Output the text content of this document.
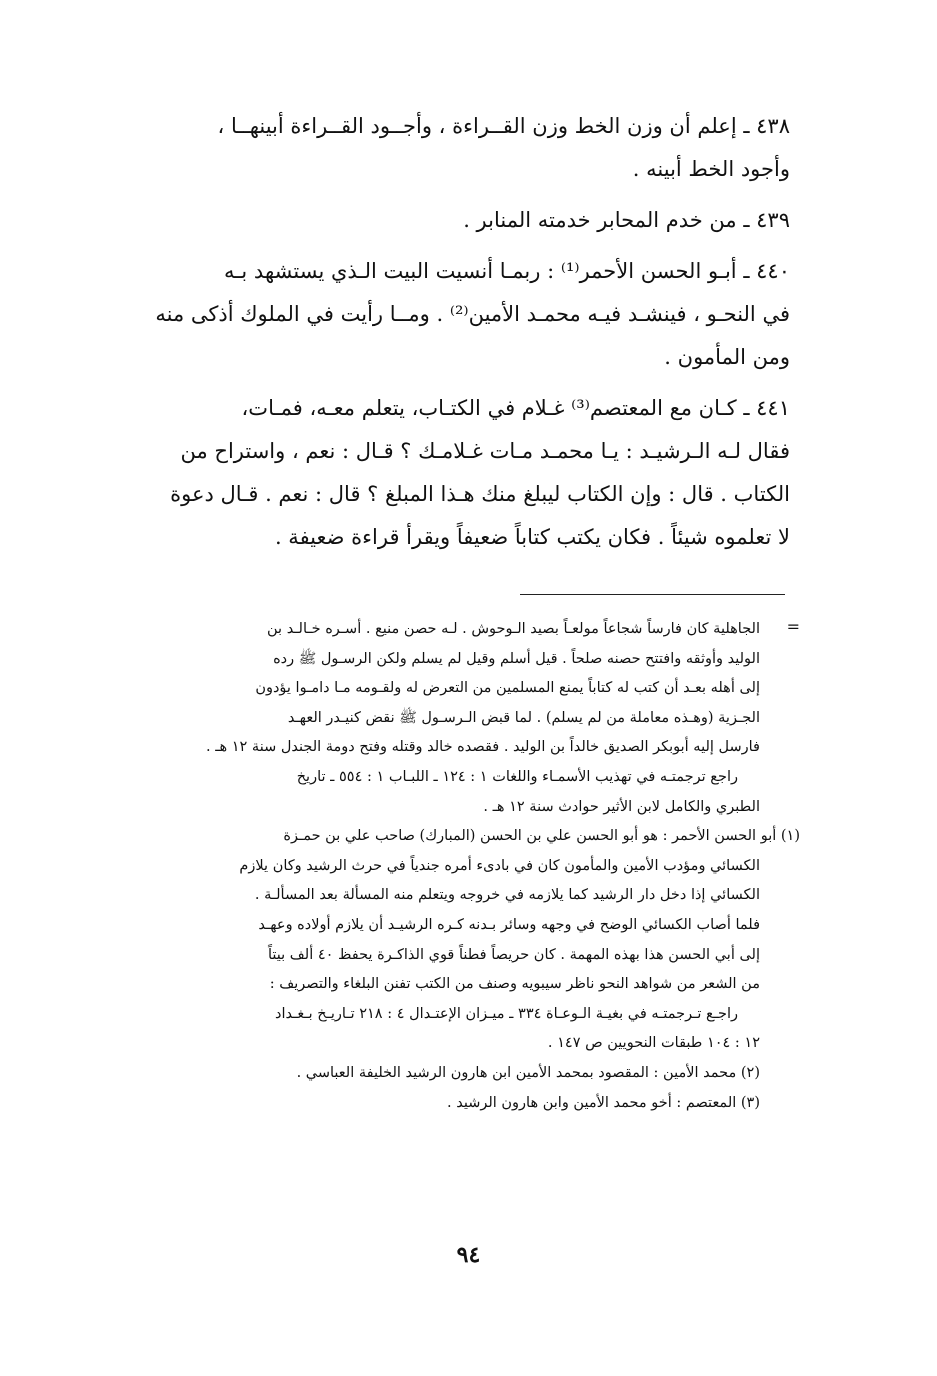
٤٣٨ ـ إعلم أن وزن الخط وزن القــراءة ، وأجــود القــراءة أبينهــا ،
وأجود الخط أبينه .
٤٣٩ ـ من خدم المحابر خدمته المنابر .
٤٤٠ ـ أبـو الحسن الأحمر⁽¹⁾ : ربمـا أنسيت البيت الـذي يستشهد بـه
في النحـو ، فينشـد فيـه محمـد الأمين⁽²⁾ . ومــا رأيت في الملوك أذكى منه
ومن المأمون .
٤٤١ ـ كـان مع المعتصم⁽³⁾ غـلام في الكتـاب، يتعلم معـه، فمـات،
فقال لـه الـرشيـد : يـا محمـد مـات غـلامـك ؟ قـال : نعم ، واستراح من
الكتاب . قال : وإن الكتاب ليبلغ منك هـذا المبلغ ؟ قال : نعم . قـال دعوة
لا تعلموه شيئاً . فكان يكتب كتاباً ضعيفاً ويقرأ قراءة ضعيفة .
=
الجاهلية كان فارساً شجاعاً مولعـاً بصيد الـوحوش . لـه حصن منيع . أسـره خـالـد بن
الوليد وأوثقه وافتتح حصنه صلحاً . قيل أسلم وقيل لم يسلم ولكن الرسـول ﷺ رده
إلى أهله بعـد أن كتب له كتاباً يمنع المسلمين من التعرض له ولقـومه مـا دامـوا يؤدون
الجـزية (وهـذه معاملة من لم يسلم) . لما قبض الـرسـول ﷺ نقض كنيـدر العهـد
فارسل إليه أبوبكر الصديق خالداً بن الوليد . فقصده خالد وقتله وفتح دومة الجندل سنة ١٢ هـ .
راجع ترجمتـه في تهذيب الأسمـاء واللغات ١ : ١٢٤ ـ اللبـاب ١ : ٥٥٤ ـ تاريخ
الطبري والكامل لابن الأثير حوادث سنة ١٢ هـ .
(١) أبو الحسن الأحمر : هو أبو الحسن علي بن الحسن (المبارك) صاحب علي بن حمـزة
الكسائي ومؤدب الأمين والمأمون كان في بادىء أمره جندياً في حرث الرشيد وكان يلازم
الكسائي إذا دخل دار الرشيد كما يلازمه في خروجه ويتعلم منه المسألة بعد المسألـة .
فلما أصاب الكسائي الوضح في وجهه وسائر بـدنه كـره الرشيـد أن يلازم أولاده وعهـد
إلى أبي الحسن هذا بهذه المهمة . كان حريصاً فطناً قوي الذاكـرة يحفظ ٤٠ ألف بيتاً
من الشعر من شواهد النحو ناظر سيبويه وصنف من الكتب تفنن البلغاء والتصريف :
راجـع تـرجمتـه في بغيـة الـوعـاة ٣٣٤ ـ ميـزان الإعتـدال ٤ : ٢١٨ تـاريـخ بـغـداد
١٢ : ١٠٤ طبقات النحويين ص ١٤٧ .
(٢) محمد الأمين : المقصود بمحمد الأمين ابن هارون الرشيد الخليفة العباسي .
(٣) المعتصم : أخو محمد الأمين وابن هارون الرشيد .
٩٤
